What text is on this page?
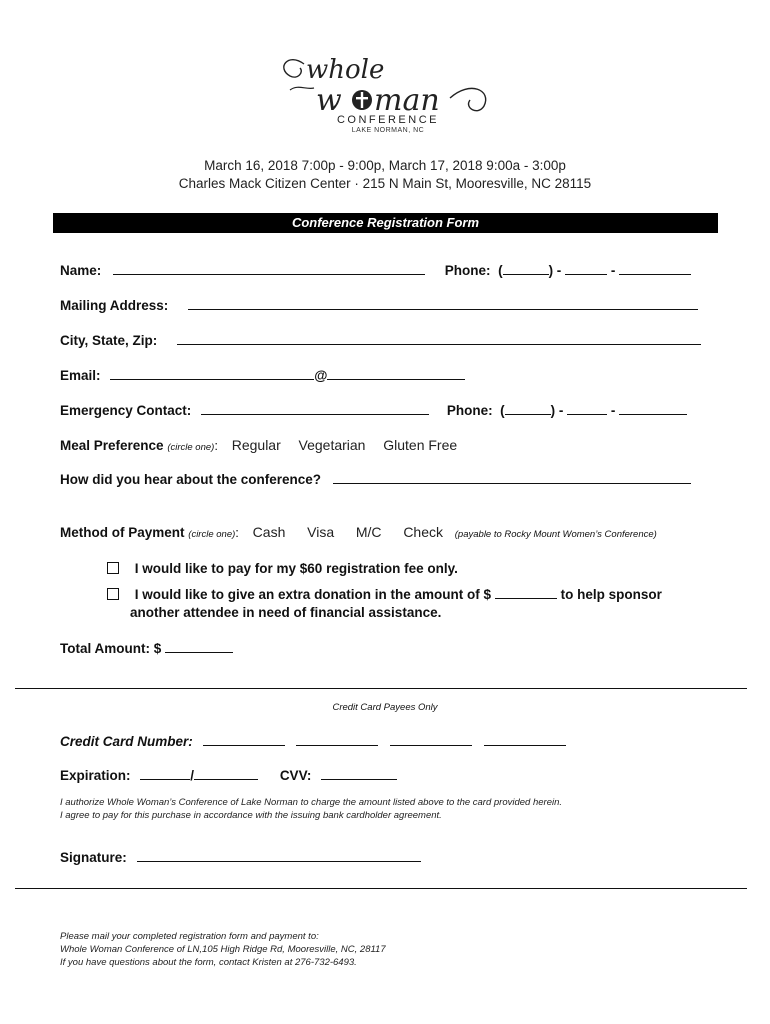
whole
w man
CONFERENCE
LAKE NORMAN, NC
March 16, 2018 7:00p - 9:00p, March 17, 2018 9:00a - 3:00p
Charles Mack Citizen Center · 215 N Main St, Mooresville, NC 28115
Conference Registration Form
Name:	Phone:  (	) -	-
Mailing Address:
City, State, Zip:
Email:	@
Emergency Contact:	Phone:  (	) -	-
Meal Preference (circle one): Regular Vegetarian Gluten Free
How did you hear about the conference?
Method of Payment (circle one): Cash Visa M/C Check (payable to Rocky Mount Women’s Conference)
I would like to pay for my $60 registration fee only.
I would like to give an extra donation in the amount of $	to help sponsor
another attendee in need of financial assistance.
Total Amount: $
Credit Card Payees Only
Credit Card Number:
Expiration:	/	CVV:
I authorize Whole Woman’s Conference of Lake Norman to charge the amount listed above to the card provided herein.
I agree to pay for this purchase in accordance with the issuing bank cardholder agreement.
Signature:
Please mail your completed registration form and payment to:
Whole Woman Conference of LN,105 High Ridge Rd, Mooresville, NC, 28117
If you have questions about the form, contact Kristen at 276-732-6493.
